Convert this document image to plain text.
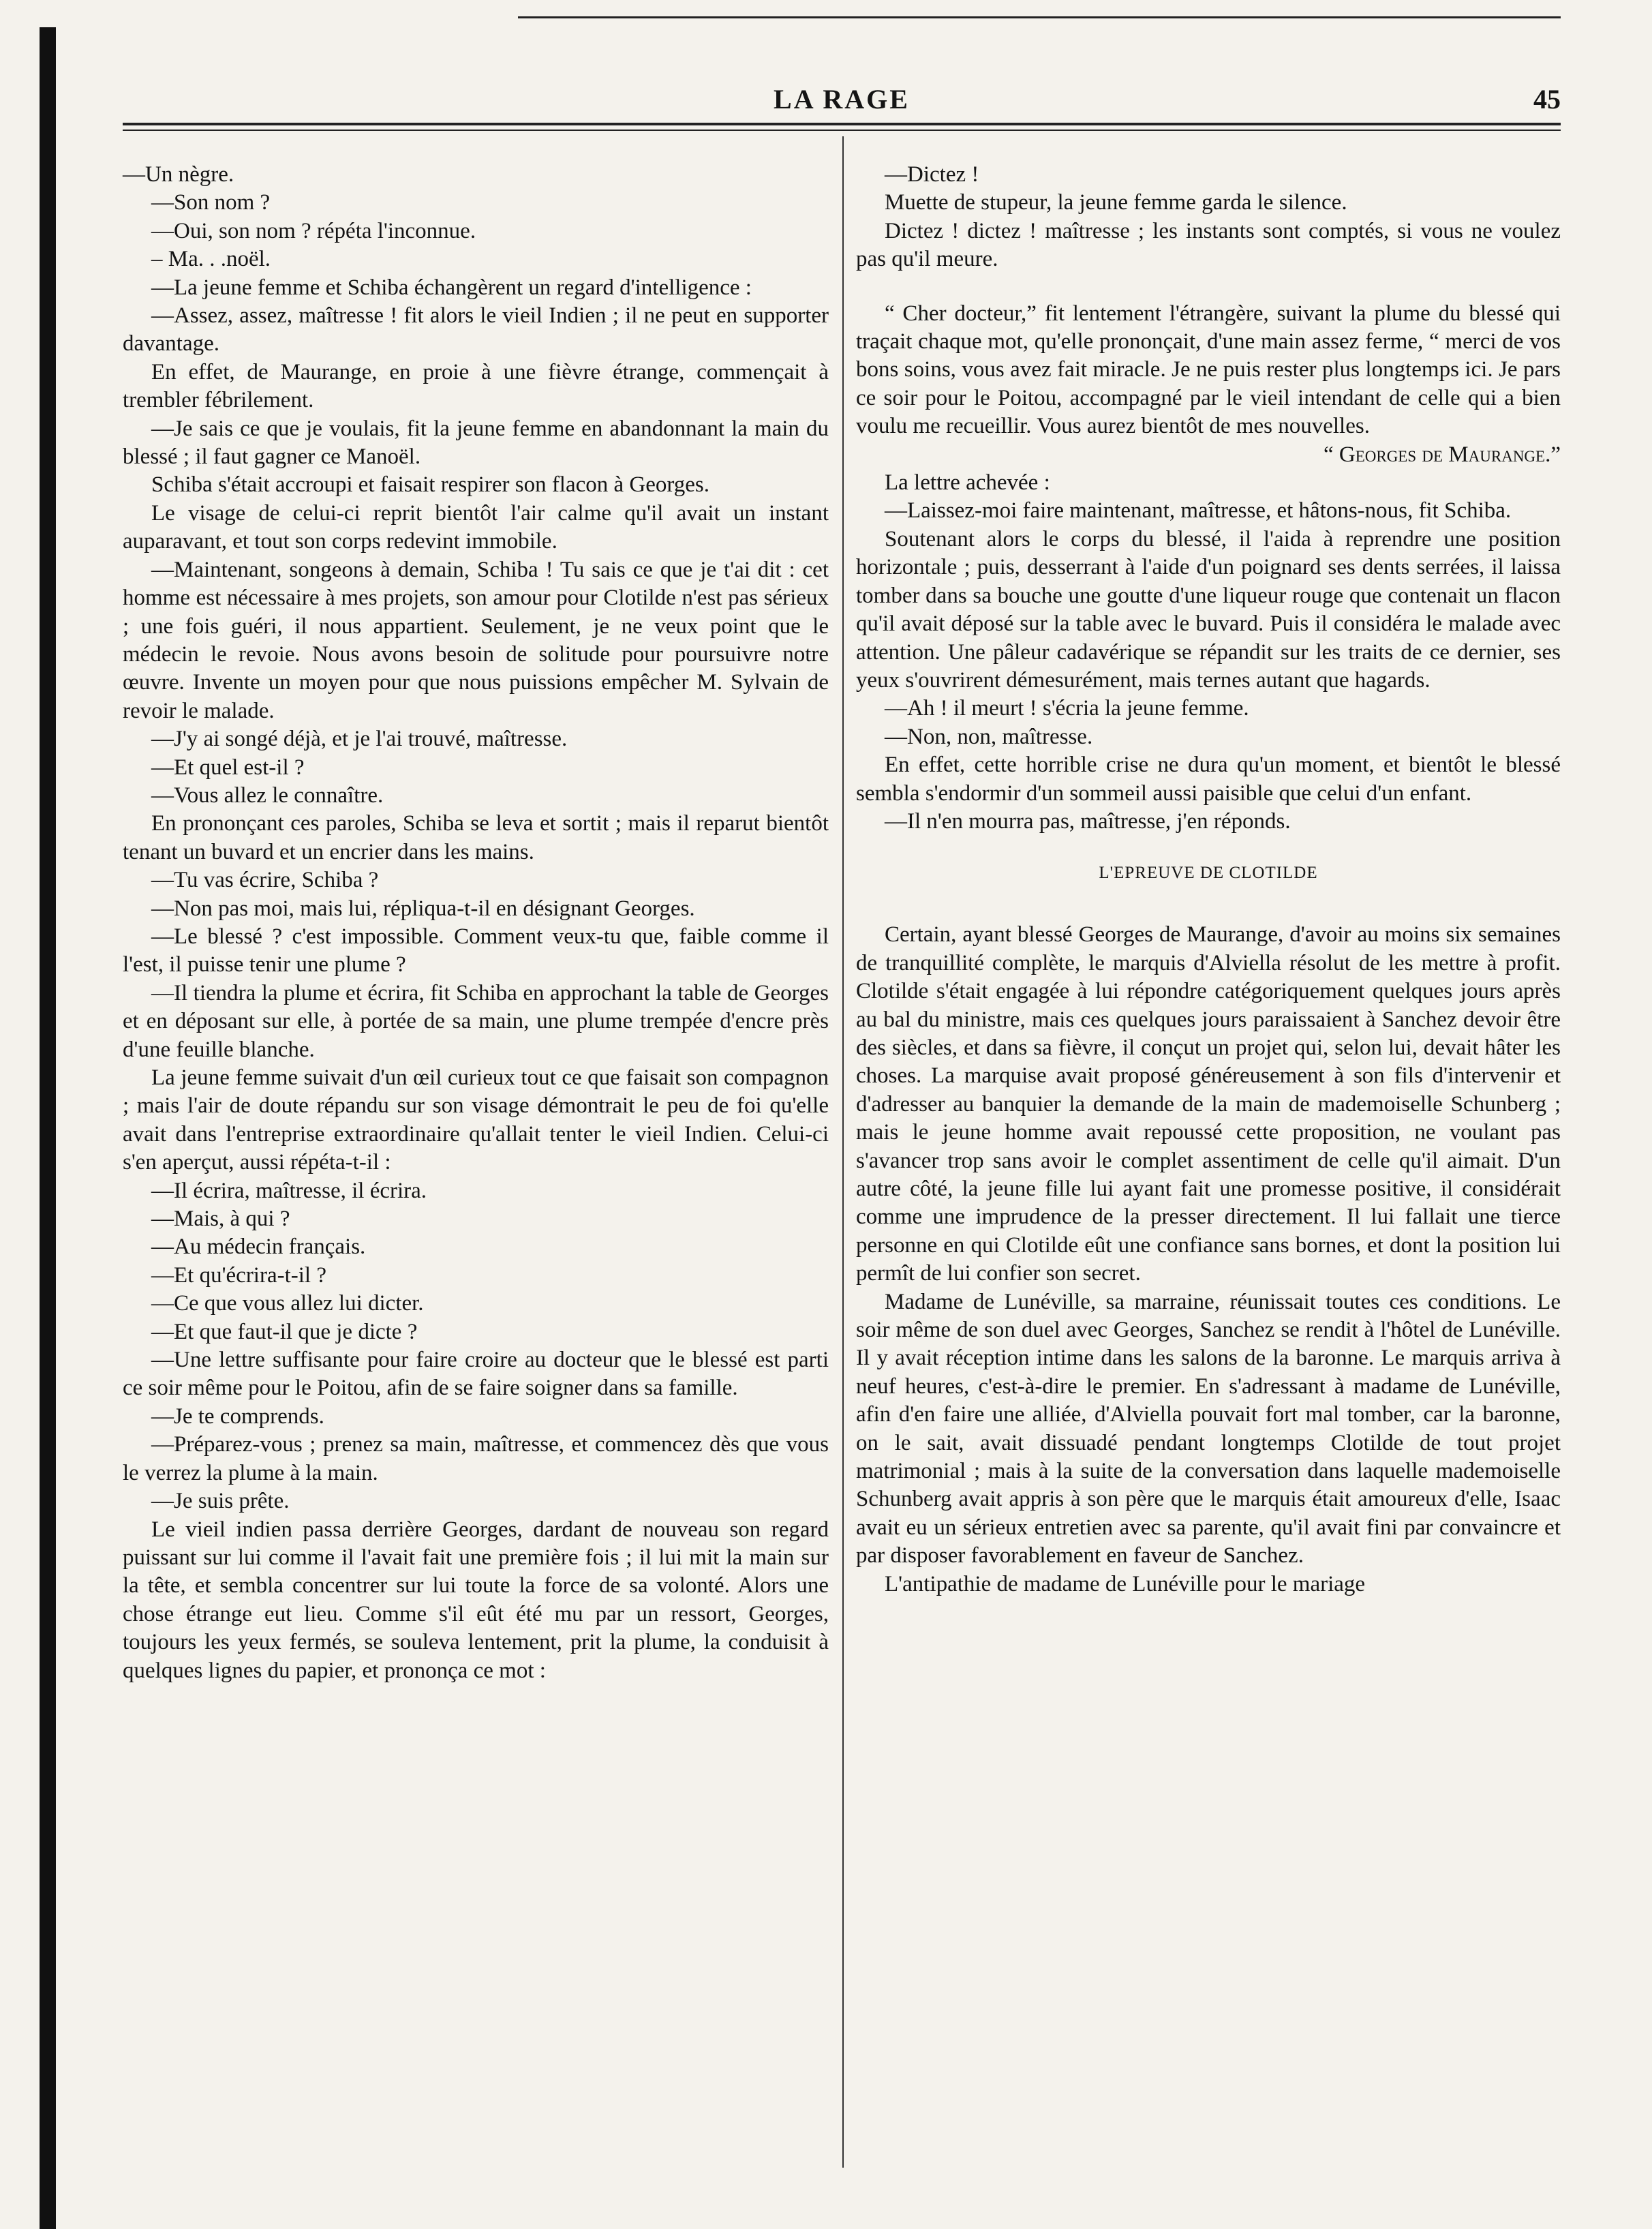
LA RAGE	45

—Un nègre.

—Son nom ?

—Oui, son nom ? répéta l'inconnue.

– Ma. . .noël.

—La jeune femme et Schiba échangèrent un regard d'intelligence :

—Assez, assez, maîtresse ! fit alors le vieil Indien ; il ne peut en supporter davantage.

En effet, de Maurange, en proie à une fièvre étrange, commençait à trembler fébrilement.

—Je sais ce que je voulais, fit la jeune femme en abandonnant la main du blessé ; il faut gagner ce Manoël.

Schiba s'était accroupi et faisait respirer son flacon à Georges.

Le visage de celui-ci reprit bientôt l'air calme qu'il avait un instant auparavant, et tout son corps redevint immobile.

—Maintenant, songeons à demain, Schiba ! Tu sais ce que je t'ai dit : cet homme est nécessaire à mes projets, son amour pour Clotilde n'est pas sérieux ; une fois guéri, il nous appartient. Seulement, je ne veux point que le médecin le revoie. Nous avons besoin de solitude pour poursuivre notre œuvre. Invente un moyen pour que nous puissions empêcher M. Sylvain de revoir le malade.

—J'y ai songé déjà, et je l'ai trouvé, maîtresse.

—Et quel est-il ?

—Vous allez le connaître.

En prononçant ces paroles, Schiba se leva et sortit ; mais il reparut bientôt tenant un buvard et un encrier dans les mains.

—Tu vas écrire, Schiba ?

—Non pas moi, mais lui, répliqua-t-il en désignant Georges.

—Le blessé ? c'est impossible. Comment veux-tu que, faible comme il l'est, il puisse tenir une plume ?

—Il tiendra la plume et écrira, fit Schiba en approchant la table de Georges et en déposant sur elle, à portée de sa main, une plume trempée d'encre près d'une feuille blanche.

La jeune femme suivait d'un œil curieux tout ce que faisait son compagnon ; mais l'air de doute répandu sur son visage démontrait le peu de foi qu'elle avait dans l'entreprise extraordinaire qu'allait tenter le vieil Indien. Celui-ci s'en aperçut, aussi répéta-t-il :

—Il écrira, maîtresse, il écrira.

—Mais, à qui ?

—Au médecin français.

—Et qu'écrira-t-il ?

—Ce que vous allez lui dicter.

—Et que faut-il que je dicte ?

—Une lettre suffisante pour faire croire au docteur que le blessé est parti ce soir même pour le Poitou, afin de se faire soigner dans sa famille.

—Je te comprends.

—Préparez-vous ; prenez sa main, maîtresse, et commencez dès que vous le verrez la plume à la main.

—Je suis prête.

Le vieil indien passa derrière Georges, dardant de nouveau son regard puissant sur lui comme il l'avait fait une première fois ; il lui mit la main sur la tête, et sembla concentrer sur lui toute la force de sa volonté. Alors une chose étrange eut lieu. Comme s'il eût été mu par un ressort, Georges, toujours les yeux fermés, se souleva lentement, prit la plume, la conduisit à quelques lignes du papier, et prononça ce mot :

—Dictez !

Muette de stupeur, la jeune femme garda le silence.

Dictez ! dictez ! maîtresse ; les instants sont comptés, si vous ne voulez pas qu'il meure.

“ Cher docteur,” fit lentement l'étrangère, suivant la plume du blessé qui traçait chaque mot, qu'elle prononçait, d'une main assez ferme, “ merci de vos bons soins, vous avez fait miracle. Je ne puis rester plus longtemps ici. Je pars ce soir pour le Poitou, accompagné par le vieil intendant de celle qui a bien voulu me recueillir. Vous aurez bientôt de mes nouvelles.

“ Georges de Maurange.”

La lettre achevée :

—Laissez-moi faire maintenant, maîtresse, et hâtons-nous, fit Schiba.

Soutenant alors le corps du blessé, il l'aida à reprendre une position horizontale ; puis, desserrant à l'aide d'un poignard ses dents serrées, il laissa tomber dans sa bouche une goutte d'une liqueur rouge que contenait un flacon qu'il avait déposé sur la table avec le buvard. Puis il considéra le malade avec attention. Une pâleur cadavérique se répandit sur les traits de ce dernier, ses yeux s'ouvrirent démesurément, mais ternes autant que hagards.

—Ah ! il meurt ! s'écria la jeune femme.

—Non, non, maîtresse.

En effet, cette horrible crise ne dura qu'un moment, et bientôt le blessé sembla s'endormir d'un sommeil aussi paisible que celui d'un enfant.

—Il n'en mourra pas, maîtresse, j'en réponds.

L'EPREUVE DE CLOTILDE

Certain, ayant blessé Georges de Maurange, d'avoir au moins six semaines de tranquillité complète, le marquis d'Alviella résolut de les mettre à profit. Clotilde s'était engagée à lui répondre catégoriquement quelques jours après au bal du ministre, mais ces quelques jours paraissaient à Sanchez devoir être des siècles, et dans sa fièvre, il conçut un projet qui, selon lui, devait hâter les choses. La marquise avait proposé généreusement à son fils d'intervenir et d'adresser au banquier la demande de la main de mademoiselle Schunberg ; mais le jeune homme avait repoussé cette proposition, ne voulant pas s'avancer trop sans avoir le complet assentiment de celle qu'il aimait. D'un autre côté, la jeune fille lui ayant fait une promesse positive, il considérait comme une imprudence de la presser directement. Il lui fallait une tierce personne en qui Clotilde eût une confiance sans bornes, et dont la position lui permît de lui confier son secret.

Madame de Lunéville, sa marraine, réunissait toutes ces conditions. Le soir même de son duel avec Georges, Sanchez se rendit à l'hôtel de Lunéville. Il y avait réception intime dans les salons de la baronne. Le marquis arriva à neuf heures, c'est-à-dire le premier. En s'adressant à madame de Lunéville, afin d'en faire une alliée, d'Alviella pouvait fort mal tomber, car la baronne, on le sait, avait dissuadé pendant longtemps Clotilde de tout projet matrimonial ; mais à la suite de la conversation dans laquelle mademoiselle Schunberg avait appris à son père que le marquis était amoureux d'elle, Isaac avait eu un sérieux entretien avec sa parente, qu'il avait fini par convaincre et par disposer favorablement en faveur de Sanchez.

L'antipathie de madame de Lunéville pour le mariage
